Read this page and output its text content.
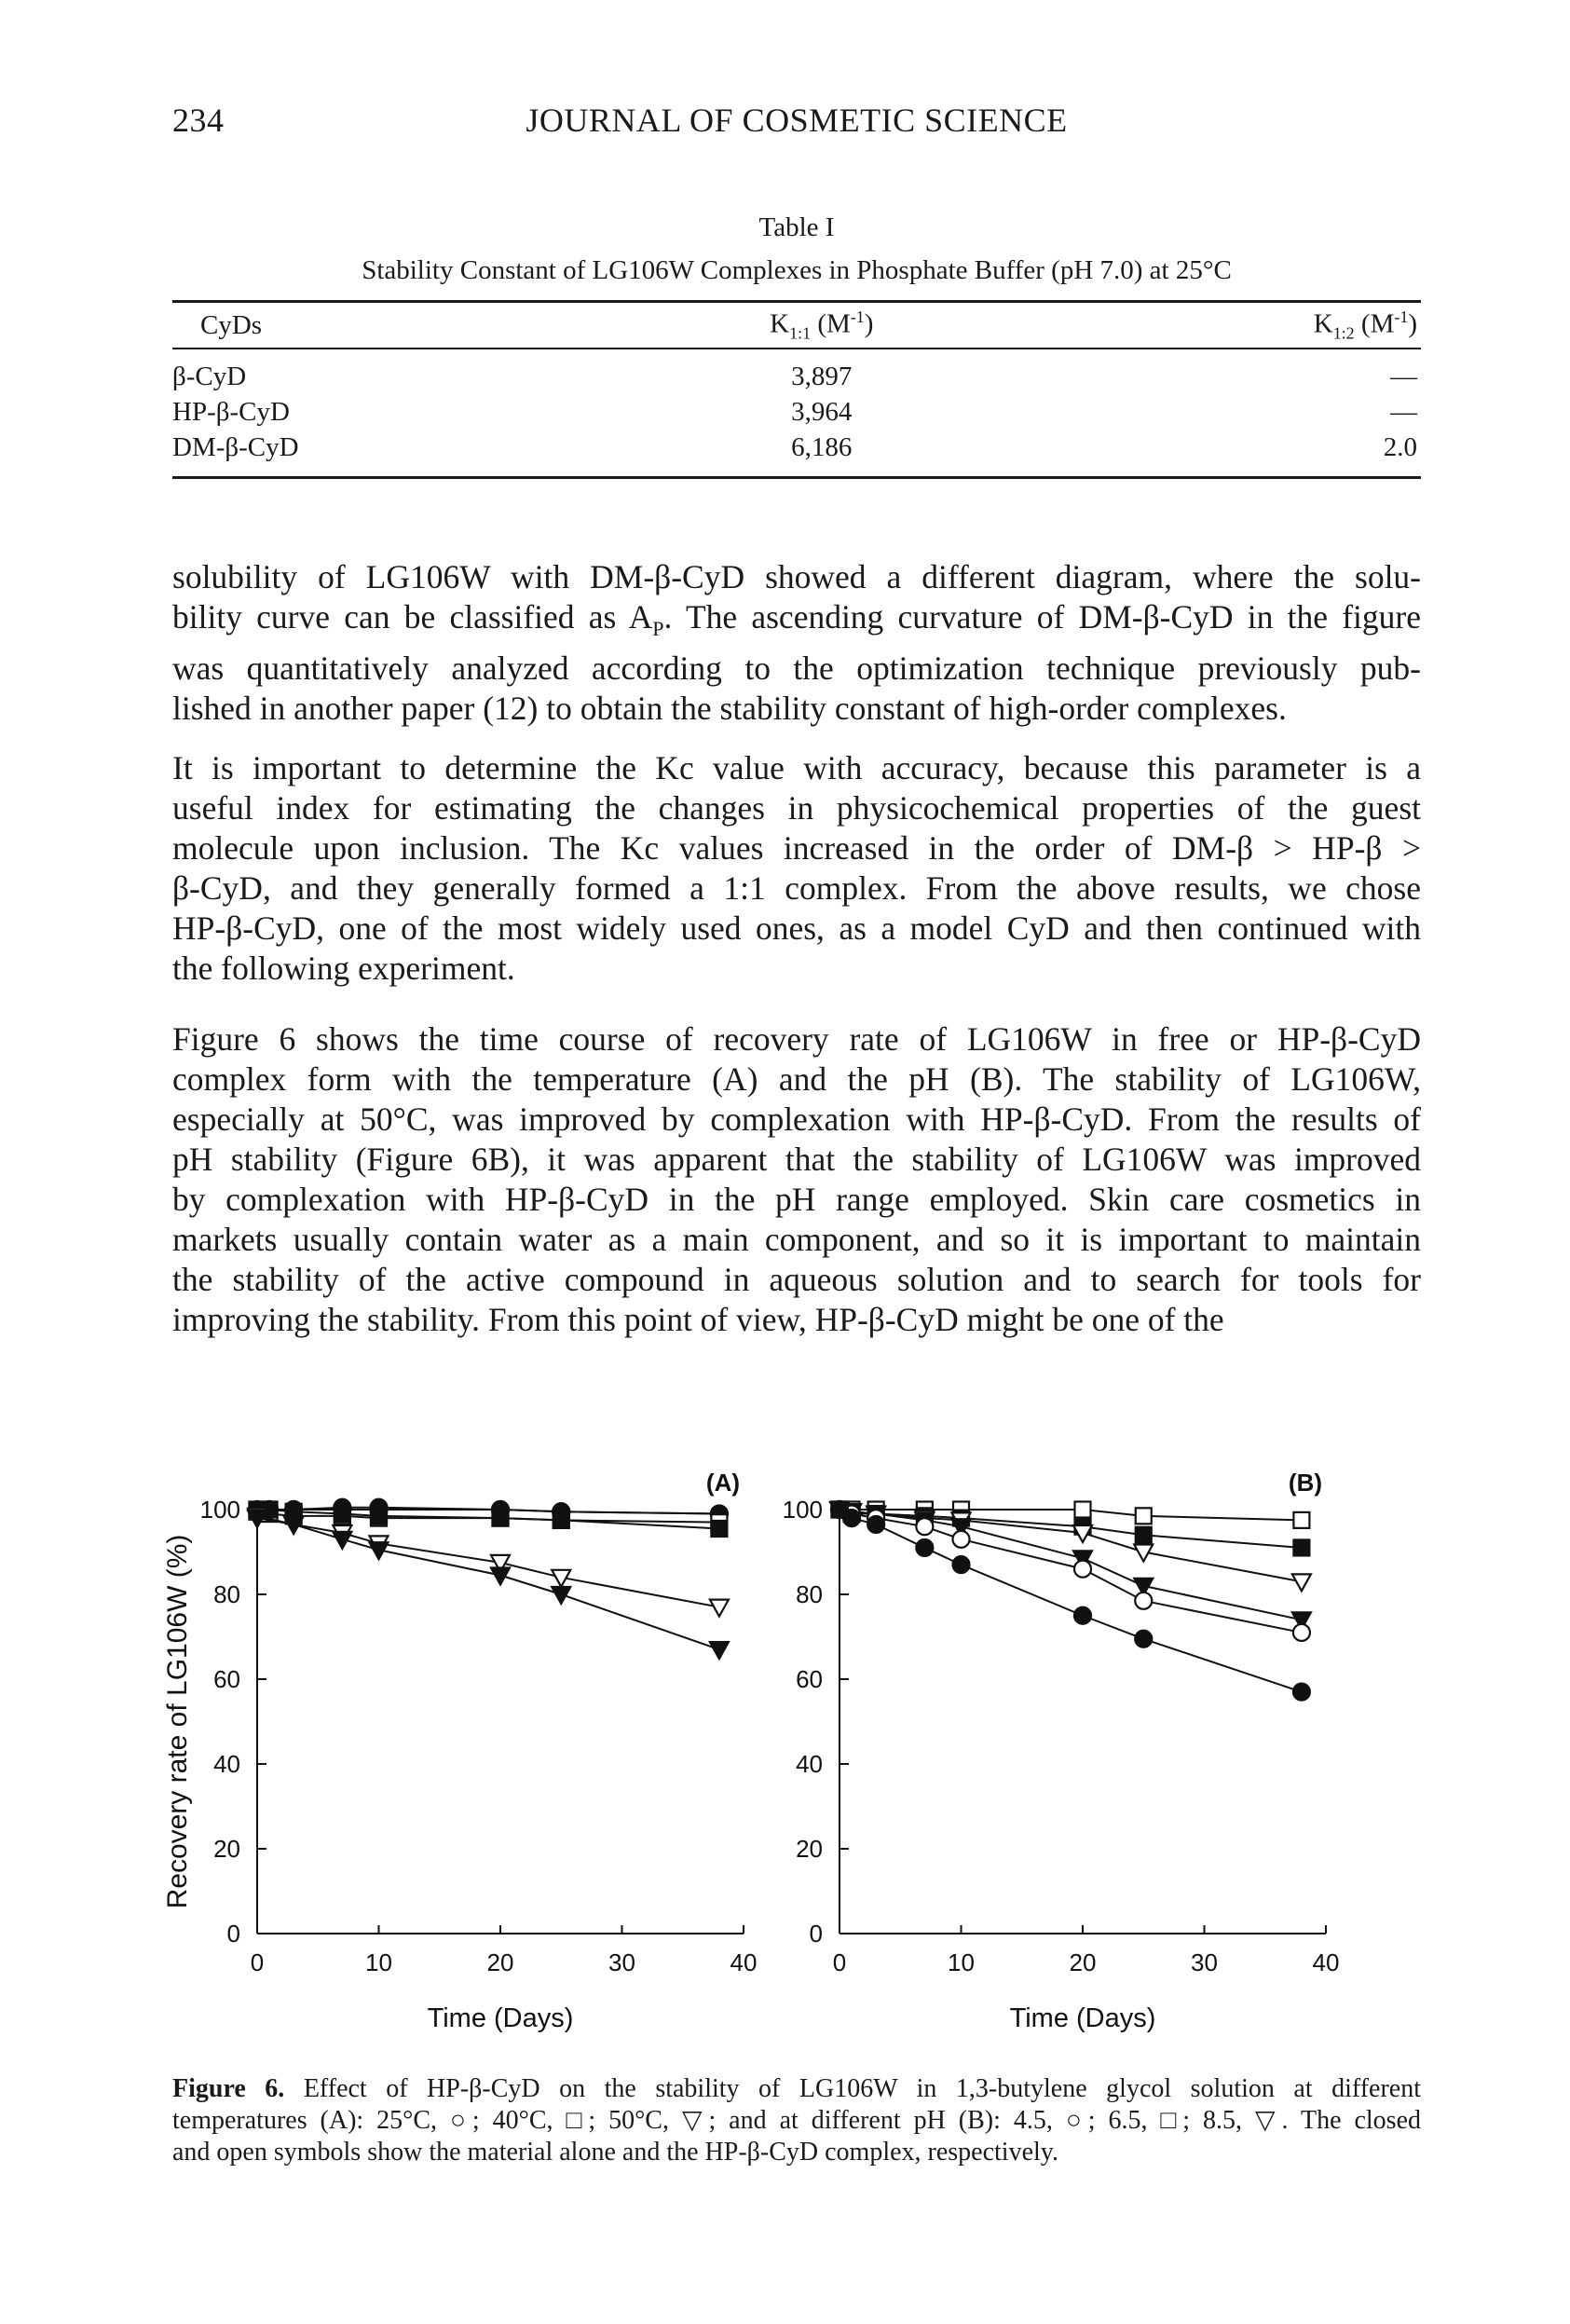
234	JOURNAL OF COSMETIC SCIENCE
Table I
Stability Constant of LG106W Complexes in Phosphate Buffer (pH 7.0) at 25°C
CyDs	$K_{1:1}$ $(M^{-1})$	$K_{1:2}$ $(M^{-1})$
β-CyD	3,897	—
HP-β-CyD	3,964	—
DM-β-CyD	6,186	2.0
solubility of LG106W with DM-β-CyD showed a different diagram, where the solu-
bility curve can be classified as $A_P$. The ascending curvature of DM-β-CyD in the figure
was quantitatively analyzed according to the optimization technique previously pub-
lished in another paper (12) to obtain the stability constant of high-order complexes.
It is important to determine the Kc value with accuracy, because this parameter is a
useful index for estimating the changes in physicochemical properties of the guest
molecule upon inclusion. The Kc values increased in the order of DM-β > HP-β >
β-CyD, and they generally formed a 1:1 complex. From the above results, we chose
HP-β-CyD, one of the most widely used ones, as a model CyD and then continued with
the following experiment.
Figure 6 shows the time course of recovery rate of LG106W in free or HP-β-CyD
complex form with the temperature (A) and the pH (B). The stability of LG106W,
especially at 50°C, was improved by complexation with HP-β-CyD. From the results of
pH stability (Figure 6B), it was apparent that the stability of LG106W was improved
by complexation with HP-β-CyD in the pH range employed. Skin care cosmetics in
markets usually contain water as a main component, and so it is important to maintain
the stability of the active compound in aqueous solution and to search for tools for
improving the stability. From this point of view, HP-β-CyD might be one of the
0	10	20	30	40
0
20
40
60
80
100
Time (Days)
(A)
Recovery rate of LG106W (%)
0	10	20	30	40
0
20
40
60
80
100
Time (Days)
(B)
Figure 6. Effect of HP-β-CyD on the stability of LG106W in 1,3-butylene glycol solution at different
temperatures (A): 25°C, ○; 40°C, □; 50°C, ▽; and at different pH (B): 4.5, ○; 6.5, □; 8.5, ▽. The closed
and open symbols show the material alone and the HP-β-CyD complex, respectively.
